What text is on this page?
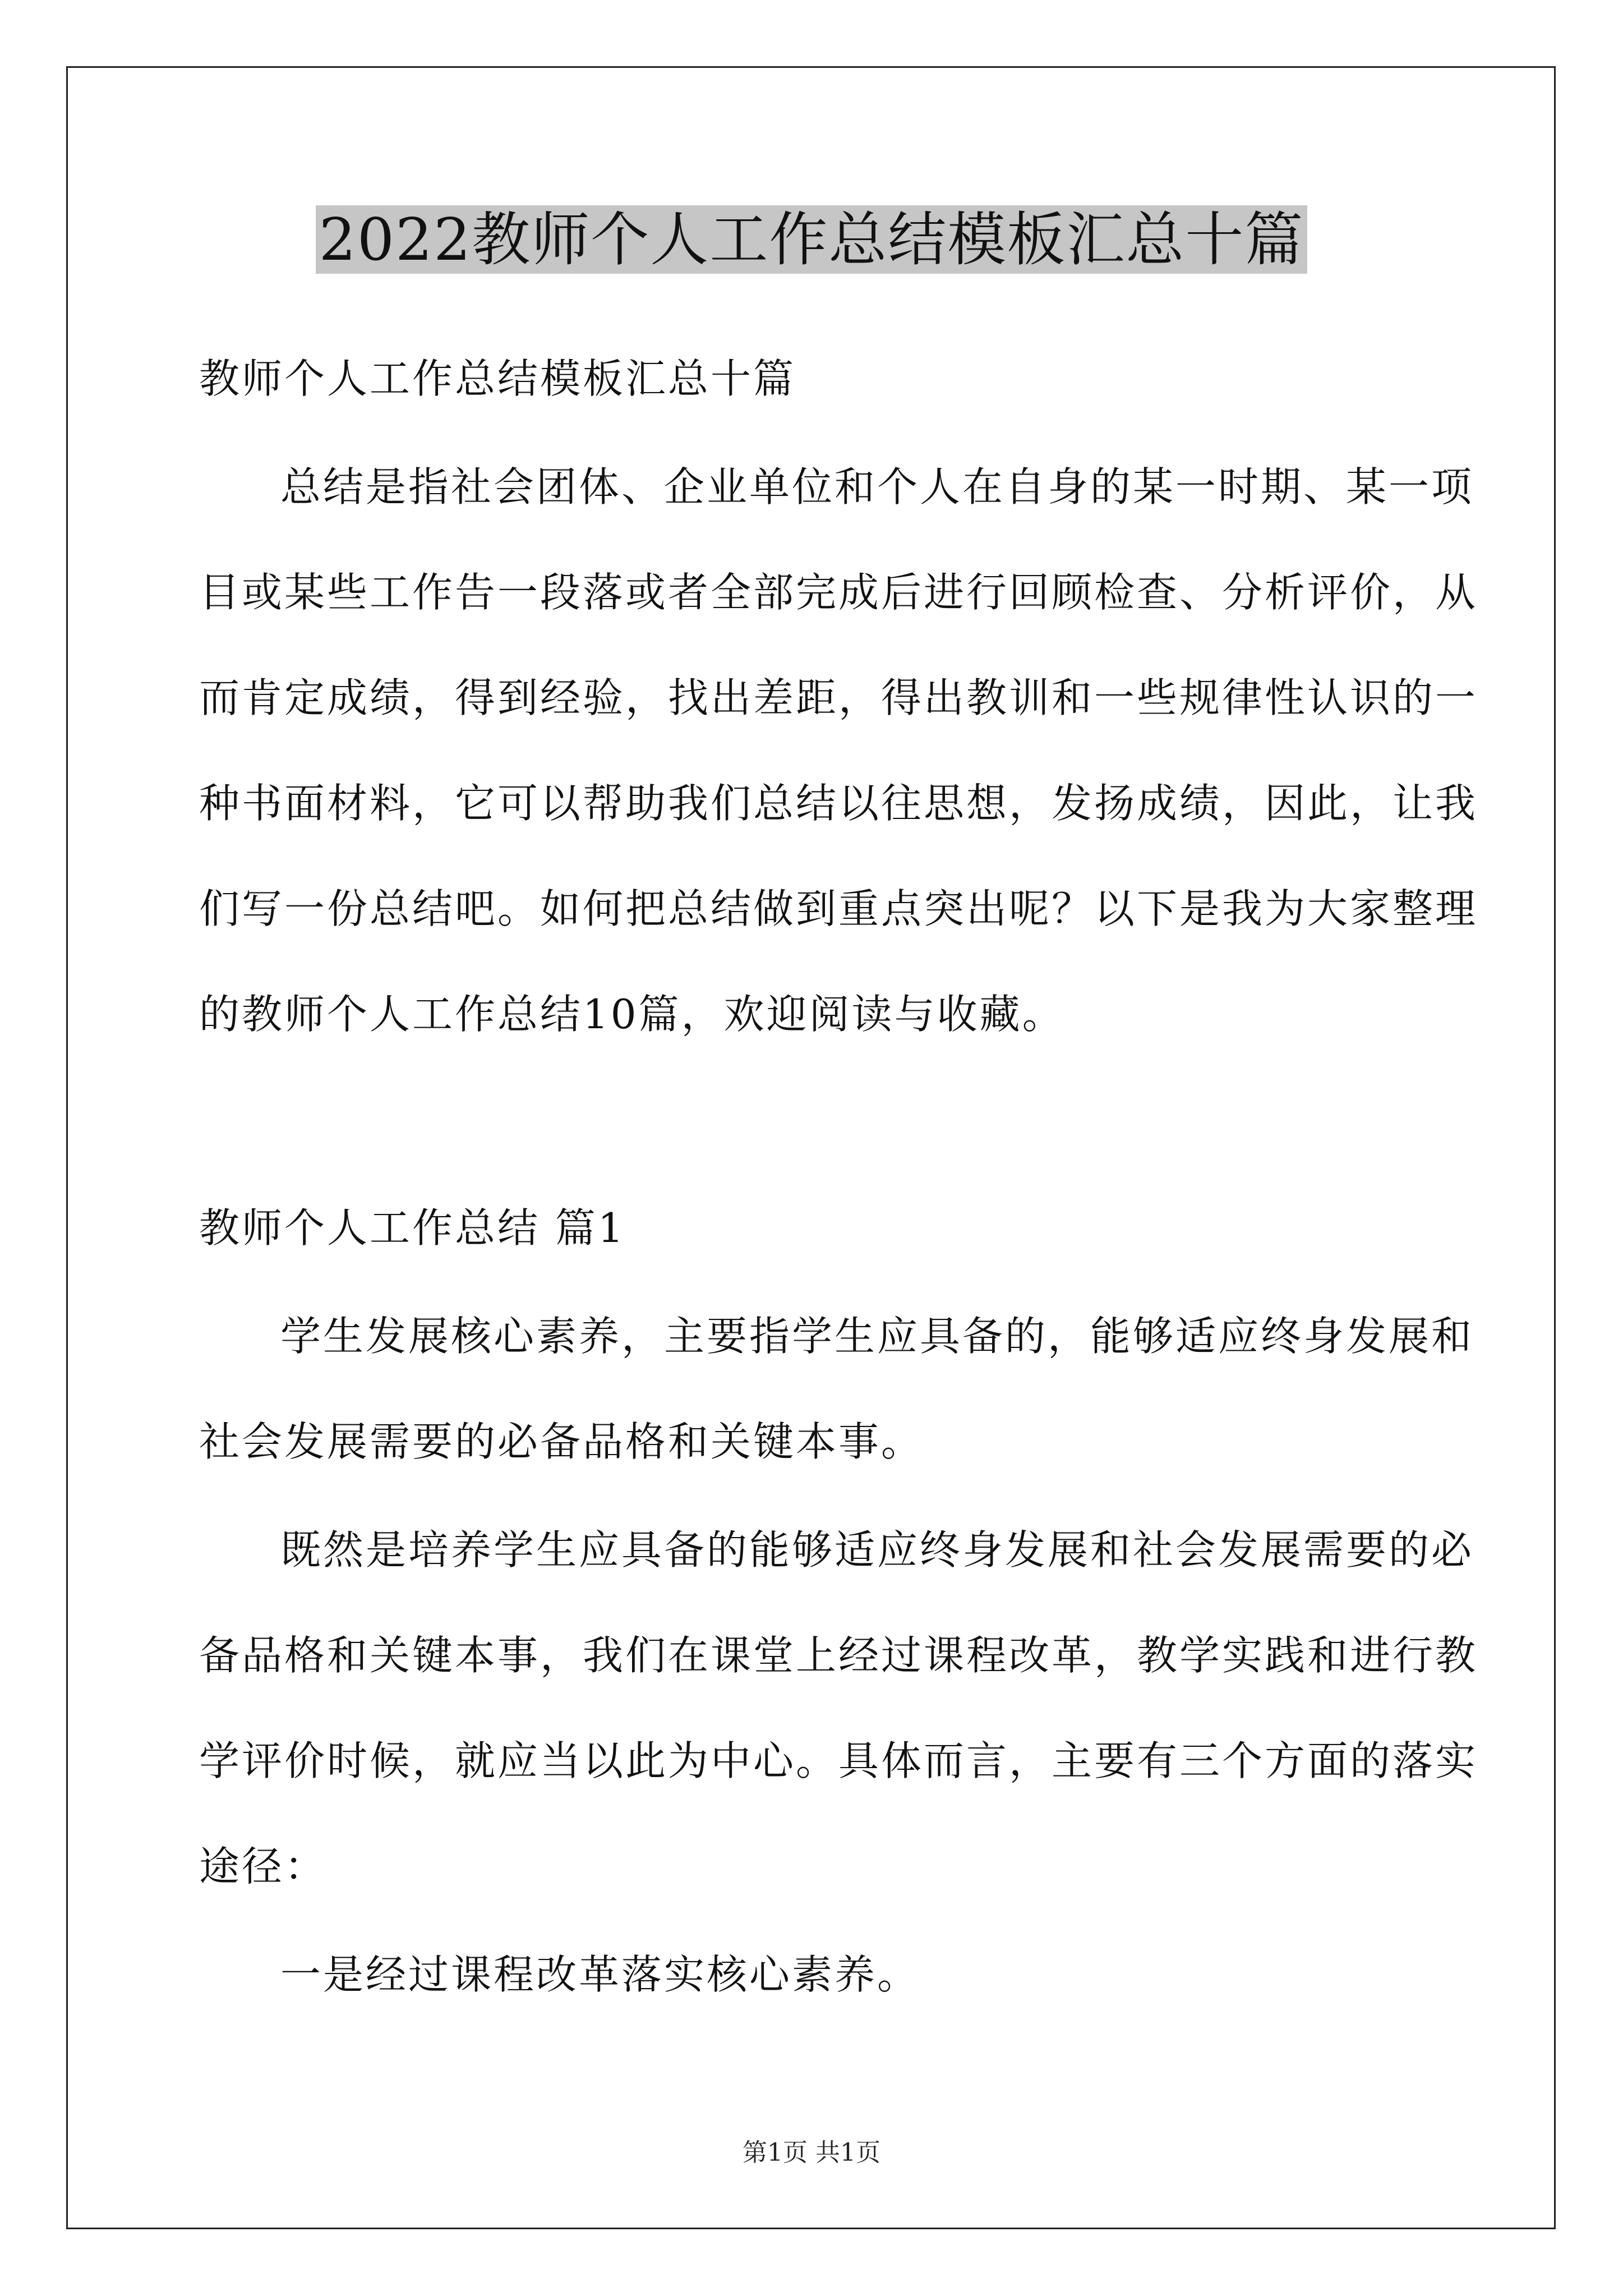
2022教师个人工作总结模板汇总十篇
教师个人工作总结模板汇总十篇
总结是指社会团体、企业单位和个人在自身的某一时期、某一项
目或某些工作告一段落或者全部完成后进行回顾检查、分析评价，从
而肯定成绩，得到经验，找出差距，得出教训和一些规律性认识的一
种书面材料，它可以帮助我们总结以往思想，发扬成绩，因此，让我
们写一份总结吧。如何把总结做到重点突出呢？以下是我为大家整理
的教师个人工作总结10篇，欢迎阅读与收藏。
教师个人工作总结 篇1
学生发展核心素养，主要指学生应具备的，能够适应终身发展和
社会发展需要的必备品格和关键本事。
既然是培养学生应具备的能够适应终身发展和社会发展需要的必
备品格和关键本事，我们在课堂上经过课程改革，教学实践和进行教
学评价时候，就应当以此为中心。具体而言，主要有三个方面的落实
途径：
一是经过课程改革落实核心素养。
第1页 共1页
